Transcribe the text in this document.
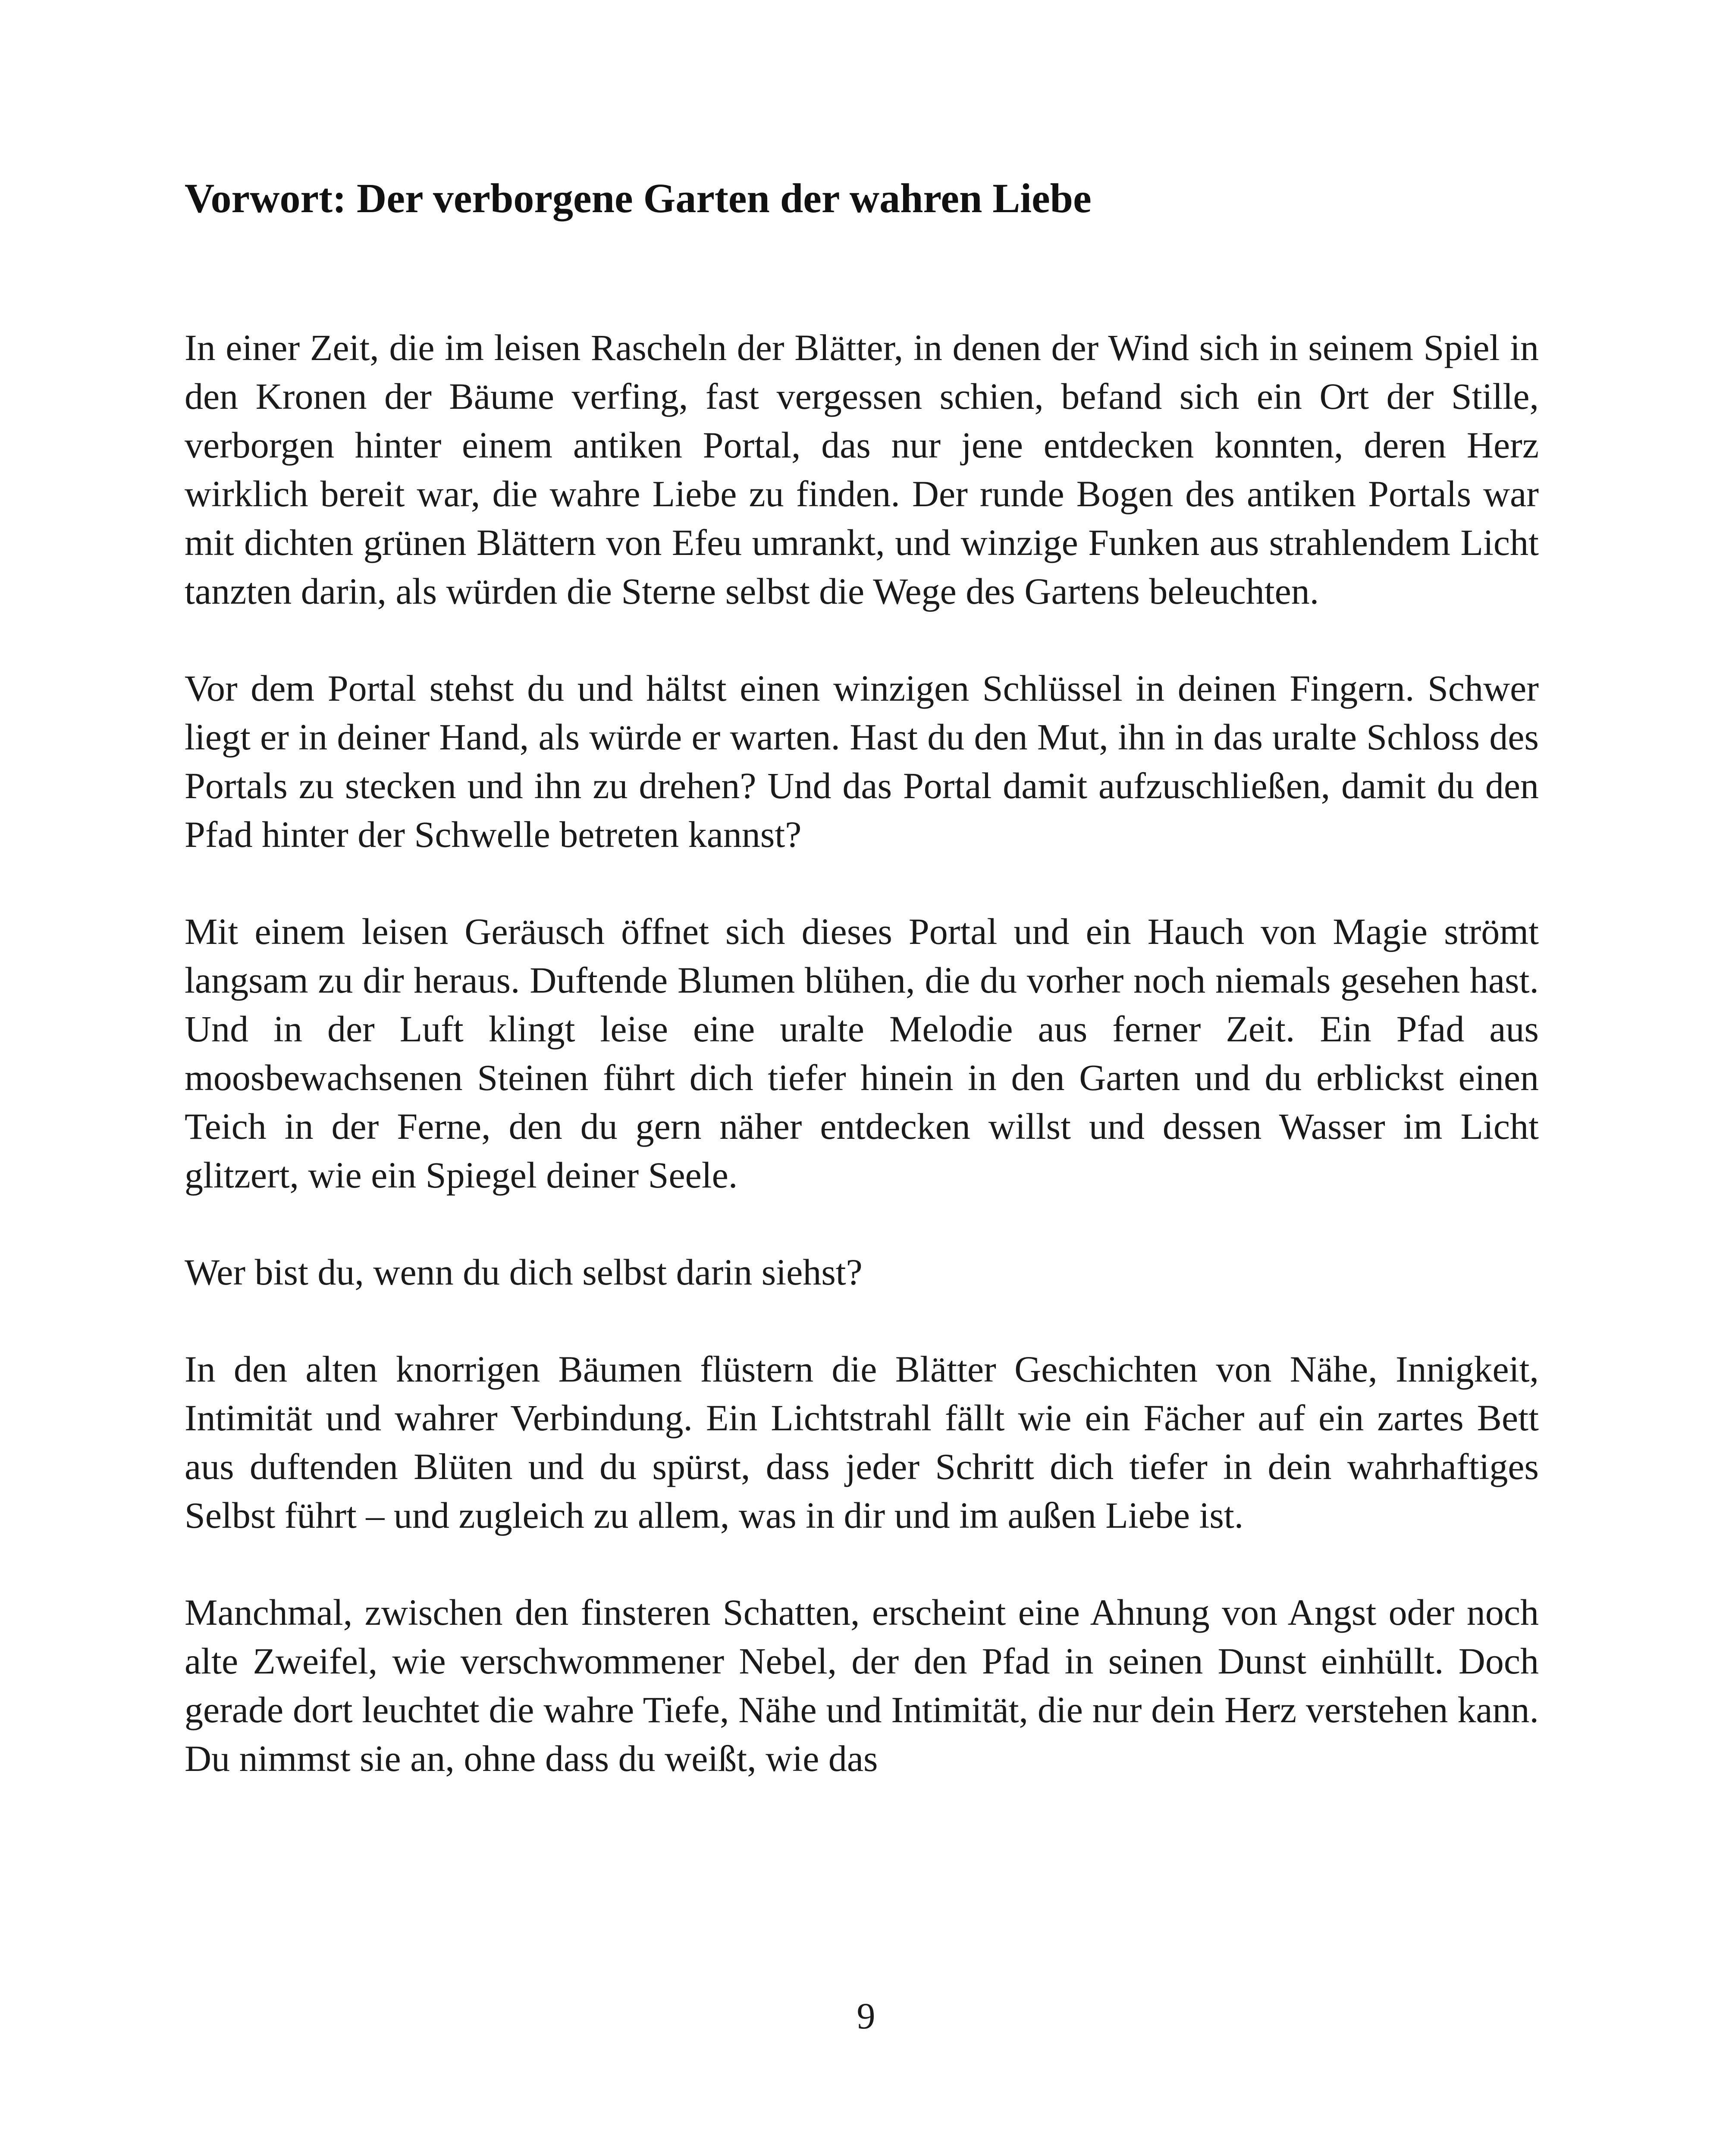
Vorwort: Der verborgene Garten der wahren Liebe

In einer Zeit, die im leisen Rascheln der Blätter, in denen der Wind sich in seinem Spiel in den Kronen der Bäume verfing, fast vergessen schien, befand sich ein Ort der Stille, verborgen hinter einem antiken Portal, das nur jene entdecken konnten, deren Herz wirklich bereit war, die wahre Liebe zu finden. Der runde Bogen des antiken Portals war mit dichten grünen Blättern von Efeu umrankt, und winzige Funken aus strahlendem Licht tanzten darin, als würden die Sterne selbst die Wege des Gartens beleuchten.

Vor dem Portal stehst du und hältst einen winzigen Schlüssel in deinen Fingern. Schwer liegt er in deiner Hand, als würde er warten. Hast du den Mut, ihn in das uralte Schloss des Portals zu stecken und ihn zu drehen? Und das Portal damit aufzuschließen, damit du den Pfad hinter der Schwelle betreten kannst?

Mit einem leisen Geräusch öffnet sich dieses Portal und ein Hauch von Magie strömt langsam zu dir heraus. Duftende Blumen blühen, die du vorher noch niemals gesehen hast. Und in der Luft klingt leise eine uralte Melodie aus ferner Zeit. Ein Pfad aus moosbewachsenen Steinen führt dich tiefer hinein in den Garten und du erblickst einen Teich in der Ferne, den du gern näher entdecken willst und dessen Wasser im Licht glitzert, wie ein Spiegel deiner Seele.

Wer bist du, wenn du dich selbst darin siehst?

In den alten knorrigen Bäumen flüstern die Blätter Geschichten von Nähe, Innigkeit, Intimität und wahrer Verbindung. Ein Lichtstrahl fällt wie ein Fächer auf ein zartes Bett aus duftenden Blüten und du spürst, dass jeder Schritt dich tiefer in dein wahrhaftiges Selbst führt – und zugleich zu allem, was in dir und im außen Liebe ist.

Manchmal, zwischen den finsteren Schatten, erscheint eine Ahnung von Angst oder noch alte Zweifel, wie verschwommener Nebel, der den Pfad in seinen Dunst einhüllt. Doch gerade dort leuchtet die wahre Tiefe, Nähe und Intimität, die nur dein Herz verstehen kann. Du nimmst sie an, ohne dass du weißt, wie das

9
